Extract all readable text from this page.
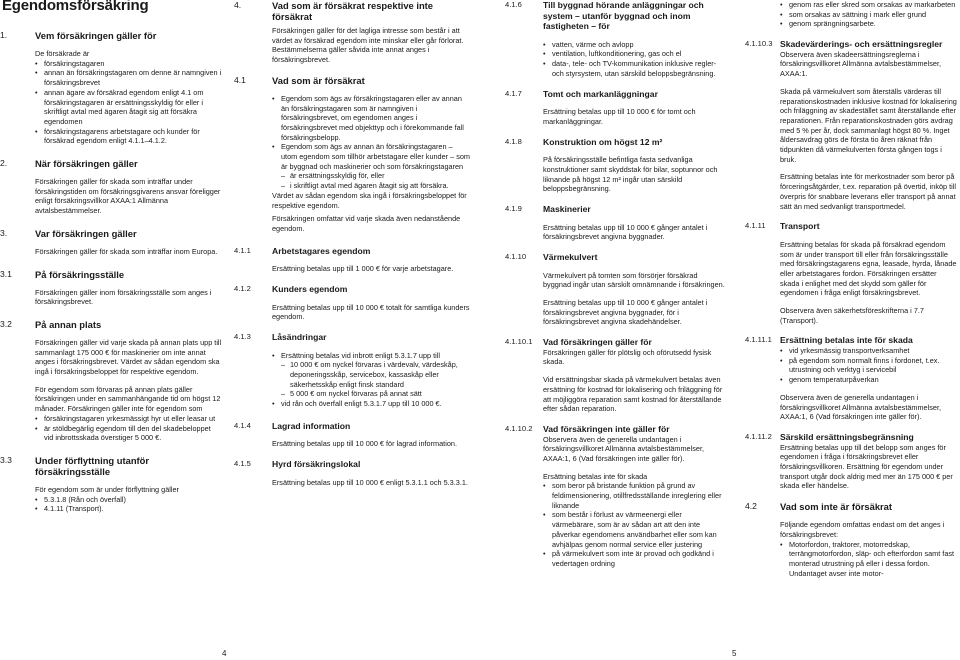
Egendomsförsäkring
1.	Vem försäkringen gäller för

De försäkrade är

• försäkringstagaren
• annan än försäkringstagaren om denne är namngiven i försäkringsbrevet
• annan ägare av försäkrad egendom enligt 4.1 om försäkringstagaren är ersättningsskyldig för eller i skriftligt avtal med ägaren åtagit sig att försäkra egendomen
• försäkringstagarens arbetstagare och kunder för försäkrad egendom enligt 4.1.1–4.1.2.
2.	När försäkringen gäller

Försäkringen gäller för skada som inträffar under försäkringstiden om försäkringsgivarens ansvar föreligger enligt försäkringsvillkor AXAA:1 Allmänna avtalsbestämmelser.

3.	Var försäkringen gäller

Försäkringen gäller för skada som inträffar inom Europa.

3.1 På försäkringsställe

Försäkringen gäller inom försäkringsställe som anges i försäkringsbrevet.

3.2 På annan plats

Försäkringen gäller vid varje skada på annan plats upp till sammanlagt 175 000 € för maskinerier om inte annat anges i försäkringsbrevet. Värdet av sådan egendom ska ingå i försäkringsbeloppet för respektive egendom.

För egendom som förvaras på annan plats gäller försäkringen under en sammanhängande tid om högst 12 månader. Försäkringen gäller inte för egendom som

• försäkringstagaren yrkesmässigt hyr ut eller leasar ut
• är stöldbegärlig egendom till den del skadebeloppet vid inbrottsskada överstiger 5 000 €.
3.3 Under förflyttning utanför försäkringsställe

För egendom som är under förflyttning gäller

• 5.3.1.8 (Rån och överfall)
• 4.1.11 (Transport).
4.	Vad som är försäkrat respektive inte försäkrat

Försäkringen gäller för det lagliga intresse som består i att värdet av försäkrad egendom inte minskar eller går förlorat.

Bestämmelserna gäller såvida inte annat anges i försäkringsbrevet.

4.1	Vad som är försäkrat
• Egendom som ägs av försäkringstagaren eller av annan än försäkringstagaren som är namngiven i försäkringsbrevet, om egendomen anges i försäkringsbrevet med objekttyp och i förekommande fall försäkringsbelopp.
• Egendom som ägs av annan än försäkringstagaren – utom egendom som tillhör arbetstagare eller kunder – som är byggnad och maskinerier och som försäkringstagaren
– är ersättningsskyldig för, eller
– i skriftligt avtal med ägaren åtagit sig att försäkra.

Värdet av sådan egendom ska ingå i försäkringsbeloppet för respektive egendom.

Försäkringen omfattar vid varje skada även nedanstående egendom.

4.1.1 Arbetstagares egendom

Ersättning betalas upp till 1 000 € för varje arbetstagare.

4.1.2 Kunders egendom

Ersättning betalas upp till 10 000 € totalt för samtliga kunders egendom.

4.1.3 Låsändringar
• Ersättning betalas vid inbrott enligt 5.3.1.7 upp till
– 10 000 € om nyckel förvaras i värdevalv, värdeskåp, deponeringsskåp, servicebox, kassaskåp eller säkerhetsskåp enligt finsk standard
– 5 000 € om nyckel förvaras på annat sätt
• vid rån och överfall enligt 5.3.1.7 upp till 10 000 €.
4.1.4 Lagrad information

Ersättning betalas upp till 10 000 € för lagrad information.

4.1.5 Hyrd försäkringslokal

Ersättning betalas upp till 10 000 € enligt 5.3.1.1 och 5.3.3.1.

4.1.6 Till byggnad hörande anläggningar och system – utanför byggnad och inom fastigheten – för
• vatten, värme och avlopp
• ventilation, luftkonditionering, gas och el
• data-, tele- och TV-kommunikation inklusive regler- och styrsystem, utan särskild beloppsbegränsning.
4.1.7 Tomt och markanläggningar

Ersättning betalas upp till 10 000 € för tomt och markanläggningar.

4.1.8 Konstruktion om högst 12 m²

På försäkringsställe befintliga fasta sedvanliga konstruktioner samt skyddstak för bilar, soptunnor och liknande på högst 12 m² ingår utan särskild beloppsbegränsning.

4.1.9 Maskinerier

Ersättning betalas upp till 10 000 € gånger antalet i försäkringsbrevet angivna byggnader.

4.1.10 Värmekulvert

Värmekulvert på tomten som försörjer försäkrad byggnad ingår utan särskilt omnämnande i försäkringen.

Ersättning betalas upp till 10 000 € gånger antalet i försäkringsbrevet angivna byggnader, för i försäkringsbrevet angivna skadehändelser.

4.1.10.1 Vad försäkringen gäller för

Försäkringen gäller för plötslig och oförutsedd fysisk skada.

Vid ersättningsbar skada på värmekulvert betalas även ersättning för kostnad för lokalisering och friläggning för att möjliggöra reparation samt kostnad för återställande efter sådan reparation.

4.1.10.2 Vad försäkringen inte gäller för

Observera även de generella undantagen i försäkringsvillkoret Allmänna avtalsbestämmelser, AXAA:1, 6 (Vad försäkringen inte gäller för).

Ersättning betalas inte för skada

• som beror på bristande funktion på grund av feldimensionering, otillfredsställande inreglering eller liknande
• som består i förlust av värmeenergi eller värmebärare, som är av sådan art att den inte påverkar egendomens användbarhet eller som kan avhjälpas genom normal service eller justering
• på värmekulvert som inte är provad och godkänd i vedertagen ordning
• genom ras eller skred som orsakas av markarbeten
• som orsakas av sättning i mark eller grund
• genom sprängningsarbete.
4.1.10.3 Skadevärderings- och ersättningsregler

Observera även skadeersättningsreglerna i försäkringsvillkoret Allmänna avtalsbestämmelser, AXAA:1.

Skada på värmekulvert som återställs värderas till reparationskostnaden inklusive kostnad för lokalisering och friläggning av skadestället samt återställande efter reparationen. Från reparationskostnaden görs avdrag med 5 % per år, dock sammanlagt högst 80 %. Inget åldersavdrag görs de första tio åren räknat från tidpunkten då värmekulverten första gången togs i bruk.

Ersättning betalas inte för merkostnader som beror på förceringsåtgärder, t.ex. reparation på övertid, inköp till överpris för snabbare leverans eller transport på annat sätt än med sedvanligt transportmedel.

4.1.11 Transport

Ersättning betalas för skada på försäkrad egendom som är under transport till eller från försäkringsställe med försäkringstagarens egna, leasade, hyrda, lånade eller arbetstagares fordon. Försäkringen ersätter skada i enlighet med det skydd som gäller för egendomen i fråga enligt försäkringsbrevet.

Observera även säkerhetsföreskrifterna i 7.7 (Transport).

4.1.11.1 Ersättning betalas inte för skada
• vid yrkesmässig transportverksamhet
• på egendom som normalt finns i fordonet, t.ex. utrustning och verktyg i servicebil
• genom temperaturpåverkan

Observera även de generella undantagen i försäkringsvillkoret Allmänna avtalsbestämmelser, AXAA:1, 6 (Vad försäkringen inte gäller för).

4.1.11.2 Särskild ersättningsbegränsning

Ersättning betalas upp till det belopp som anges för egendomen i fråga i försäkringsbrevet eller försäkringsvillkoren. Ersättning för egendom under transport utgår dock aldrig med mer än 175 000 € per skada eller händelse.

4.2 Vad som inte är försäkrat

Följande egendom omfattas endast om det anges i försäkringsbrevet:

• Motorfordon, traktorer, motorredskap, terrängmotorfordon, släp- och efterfordon samt fast monterad utrustning på eller i dessa fordon. Undantaget avser inte motor-
4	5
